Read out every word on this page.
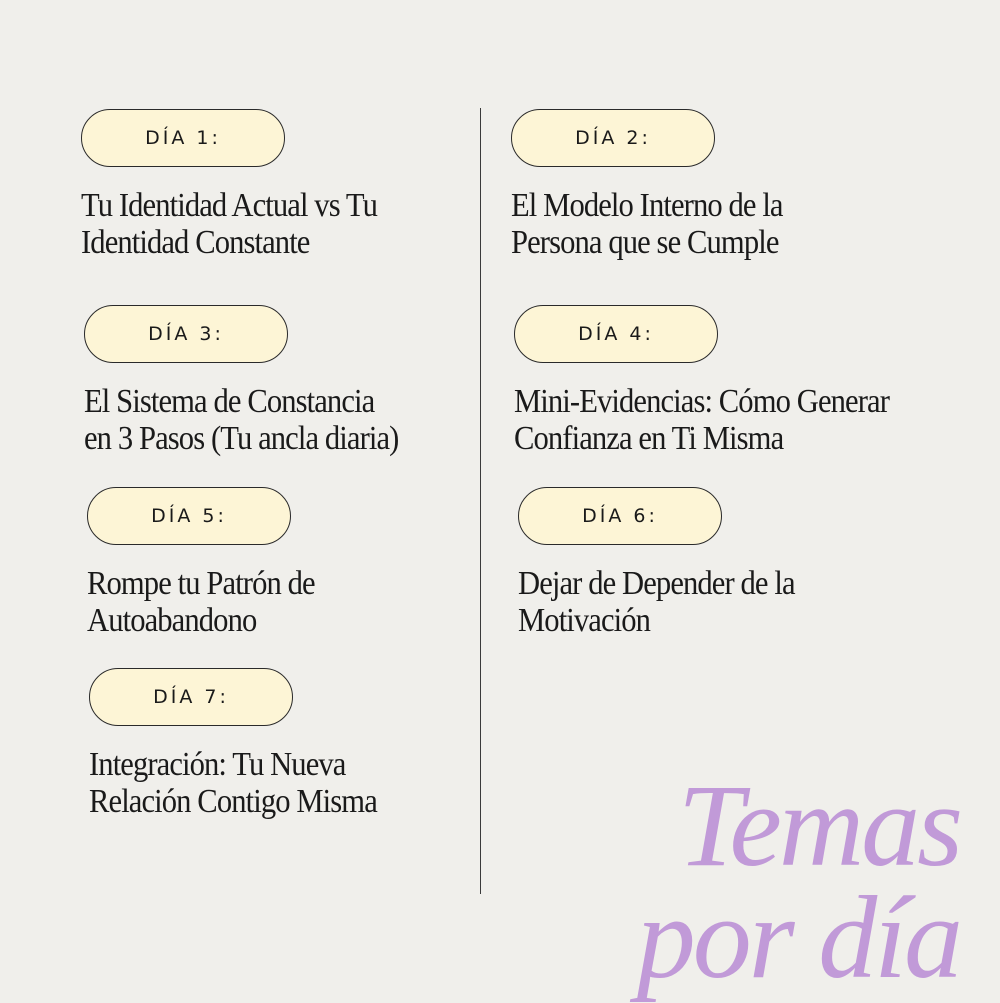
DÍA 1:
Tu Identidad Actual vs Tu
Identidad Constante
DÍA 2:
El Modelo Interno de la
Persona que se Cumple
DÍA 3:
El Sistema de Constancia
en 3 Pasos (Tu ancla diaria)
DÍA 4:
Mini-Evidencias: Cómo Generar
Confianza en Ti Misma
DÍA 5:
Rompe tu Patrón de
Autoabandono
DÍA 6:
Dejar de Depender de la
Motivación
DÍA 7:
Integración: Tu Nueva
Relación Contigo Misma	Temas
por día
